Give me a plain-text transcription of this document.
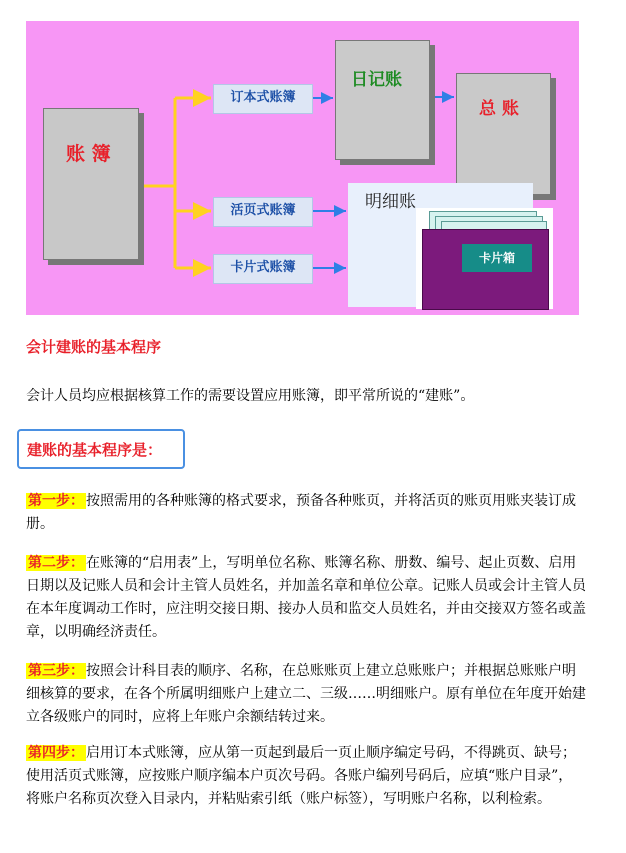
账 簿
订本式账簿
活页式账簿
卡片式账簿
日记账
总 账
明细账
卡片箱
会计建账的基本程序
会计人员均应根据核算工作的需要设置应用账簿，即平常所说的“建账”。
建账的基本程序是：
第一步： 按照需用的各种账簿的格式要求，预备各种账页，并将活页的账页用账夹装订成册。
第二步： 在账簿的“启用表”上，写明单位名称、账簿名称、册数、编号、起止页数、启用日期以及记账人员和会计主管人员姓名，并加盖名章和单位公章。记账人员或会计主管人员在本年度调动工作时，应注明交接日期、接办人员和监交人员姓名，并由交接双方签名或盖章，以明确经济责任。
第三步： 按照会计科目表的顺序、名称，在总账账页上建立总账账户；并根据总账账户明细核算的要求，在各个所属明细账户上建立二、三级……明细账户。原有单位在年度开始建立各级账户的同时，应将上年账户余额结转过来。
第四步： 启用订本式账簿，应从第一页起到最后一页止顺序编定号码，不得跳页、缺号；使用活页式账簿，应按账户顺序编本户页次号码。各账户编列号码后，应填“账户目录”，将账户名称页次登入目录内，并粘贴索引纸（账户标签），写明账户名称，以利检索。
